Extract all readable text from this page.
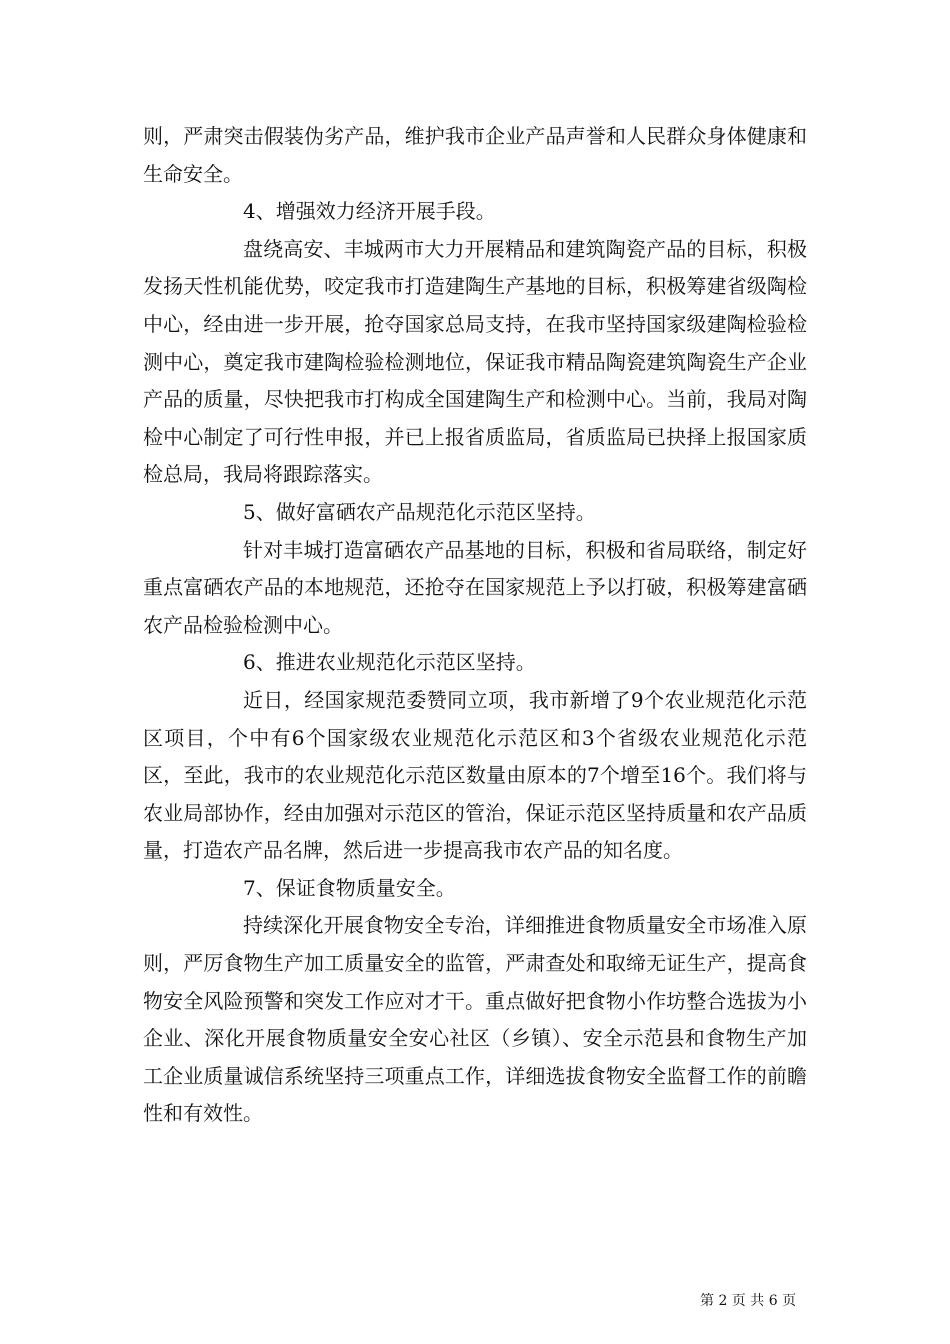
则，严肃突击假装伪劣产品，维护我市企业产品声誉和人民群众身体健康和生命安全。

4、增强效力经济开展手段。

盘绕高安、丰城两市大力开展精品和建筑陶瓷产品的目标，积极发扬天性机能优势，咬定我市打造建陶生产基地的目标，积极筹建省级陶检中心，经由进一步开展，抢夺国家总局支持，在我市坚持国家级建陶检验检测中心，奠定我市建陶检验检测地位，保证我市精品陶瓷建筑陶瓷生产企业产品的质量，尽快把我市打构成全国建陶生产和检测中心。当前，我局对陶检中心制定了可行性申报，并已上报省质监局，省质监局已抉择上报国家质检总局，我局将跟踪落实。

5、做好富硒农产品规范化示范区坚持。

针对丰城打造富硒农产品基地的目标，积极和省局联络，制定好重点富硒农产品的本地规范，还抢夺在国家规范上予以打破，积极筹建富硒农产品检验检测中心。

6、推进农业规范化示范区坚持。

近日，经国家规范委赞同立项，我市新增了9个农业规范化示范区项目，个中有6个国家级农业规范化示范区和3个省级农业规范化示范区，至此，我市的农业规范化示范区数量由原本的7个增至16个。我们将与农业局部协作，经由加强对示范区的管治，保证示范区坚持质量和农产品质量，打造农产品名牌，然后进一步提高我市农产品的知名度。

7、保证食物质量安全。

持续深化开展食物安全专治，详细推进食物质量安全市场准入原则，严厉食物生产加工质量安全的监管，严肃查处和取缔无证生产，提高食物安全风险预警和突发工作应对才干。重点做好把食物小作坊整合选拔为小企业、深化开展食物质量安全安心社区（乡镇）、安全示范县和食物生产加工企业质量诚信系统坚持三项重点工作，详细选拔食物安全监督工作的前瞻性和有效性。

第 2 页 共 6 页
